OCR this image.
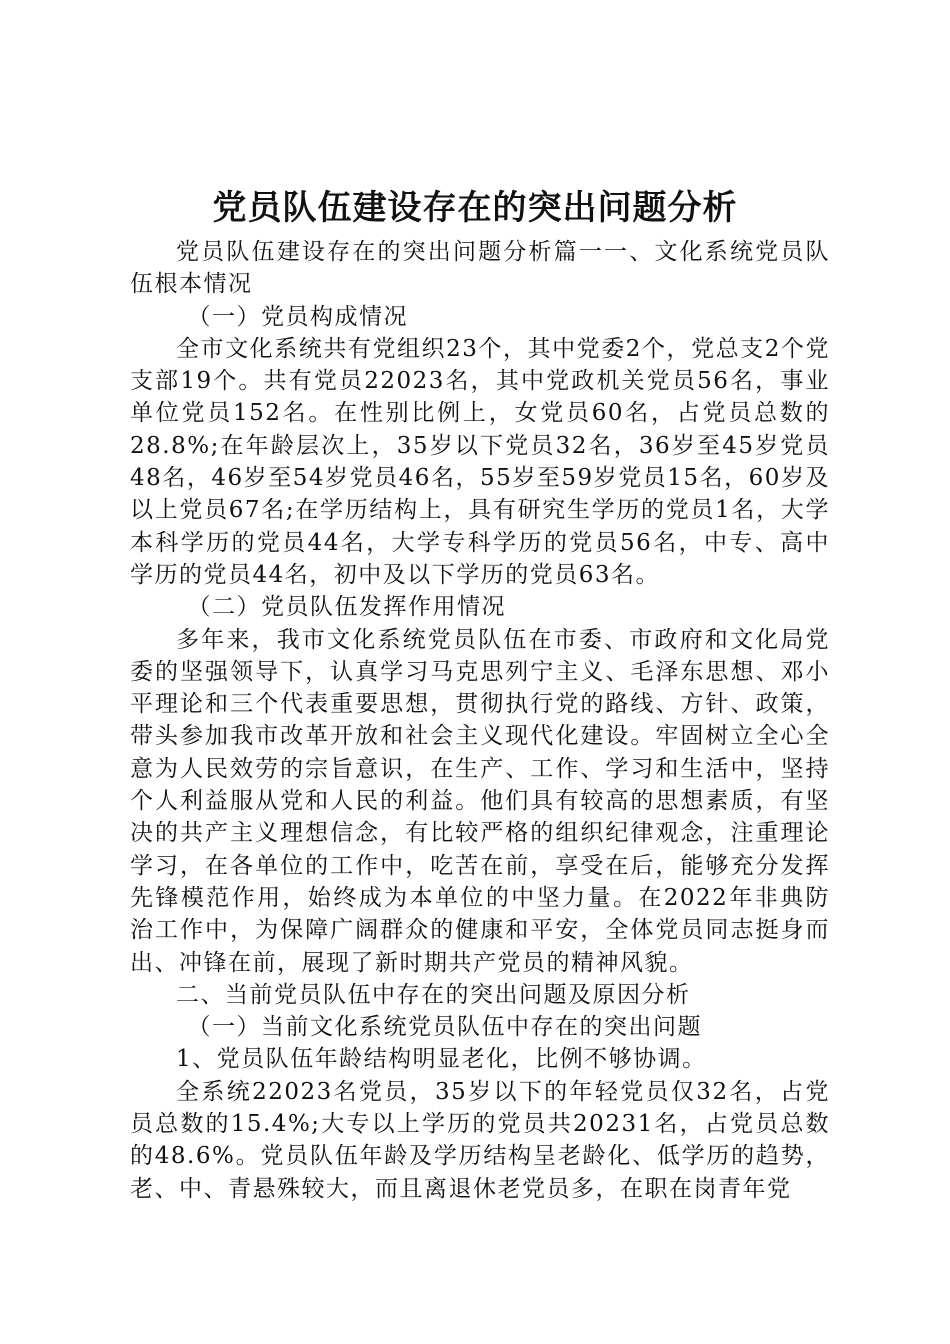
党员队伍建设存在的突出问题分析

党员队伍建设存在的突出问题分析篇一一、文化系统党员队伍根本情况

（一）党员构成情况

全市文化系统共有党组织23个，其中党委2个，党总支2个党支部19个。共有党员22023名，其中党政机关党员56名，事业单位党员152名。在性别比例上，女党员60名，占党员总数的28.8%;在年龄层次上，35岁以下党员32名，36岁至45岁党员48名，46岁至54岁党员46名，55岁至59岁党员15名，60岁及以上党员67名;在学历结构上，具有研究生学历的党员1名，大学本科学历的党员44名，大学专科学历的党员56名，中专、高中学历的党员44名，初中及以下学历的党员63名。

（二）党员队伍发挥作用情况

多年来，我市文化系统党员队伍在市委、市政府和文化局党委的坚强领导下，认真学习马克思列宁主义、毛泽东思想、邓小平理论和三个代表重要思想，贯彻执行党的路线、方针、政策，带头参加我市改革开放和社会主义现代化建设。牢固树立全心全意为人民效劳的宗旨意识，在生产、工作、学习和生活中，坚持个人利益服从党和人民的利益。他们具有较高的思想素质，有坚决的共产主义理想信念，有比较严格的组织纪律观念，注重理论学习，在各单位的工作中，吃苦在前，享受在后，能够充分发挥先锋模范作用，始终成为本单位的中坚力量。在2022年非典防治工作中，为保障广阔群众的健康和平安，全体党员同志挺身而出、冲锋在前，展现了新时期共产党员的精神风貌。

二、当前党员队伍中存在的突出问题及原因分析

（一）当前文化系统党员队伍中存在的突出问题

1、党员队伍年龄结构明显老化，比例不够协调。

全系统22023名党员，35岁以下的年轻党员仅32名，占党员总数的15.4%;大专以上学历的党员共20231名，占党员总数的48.6%。党员队伍年龄及学历结构呈老龄化、低学历的趋势，老、中、青悬殊较大，而且离退休老党员多，在职在岗青年党
